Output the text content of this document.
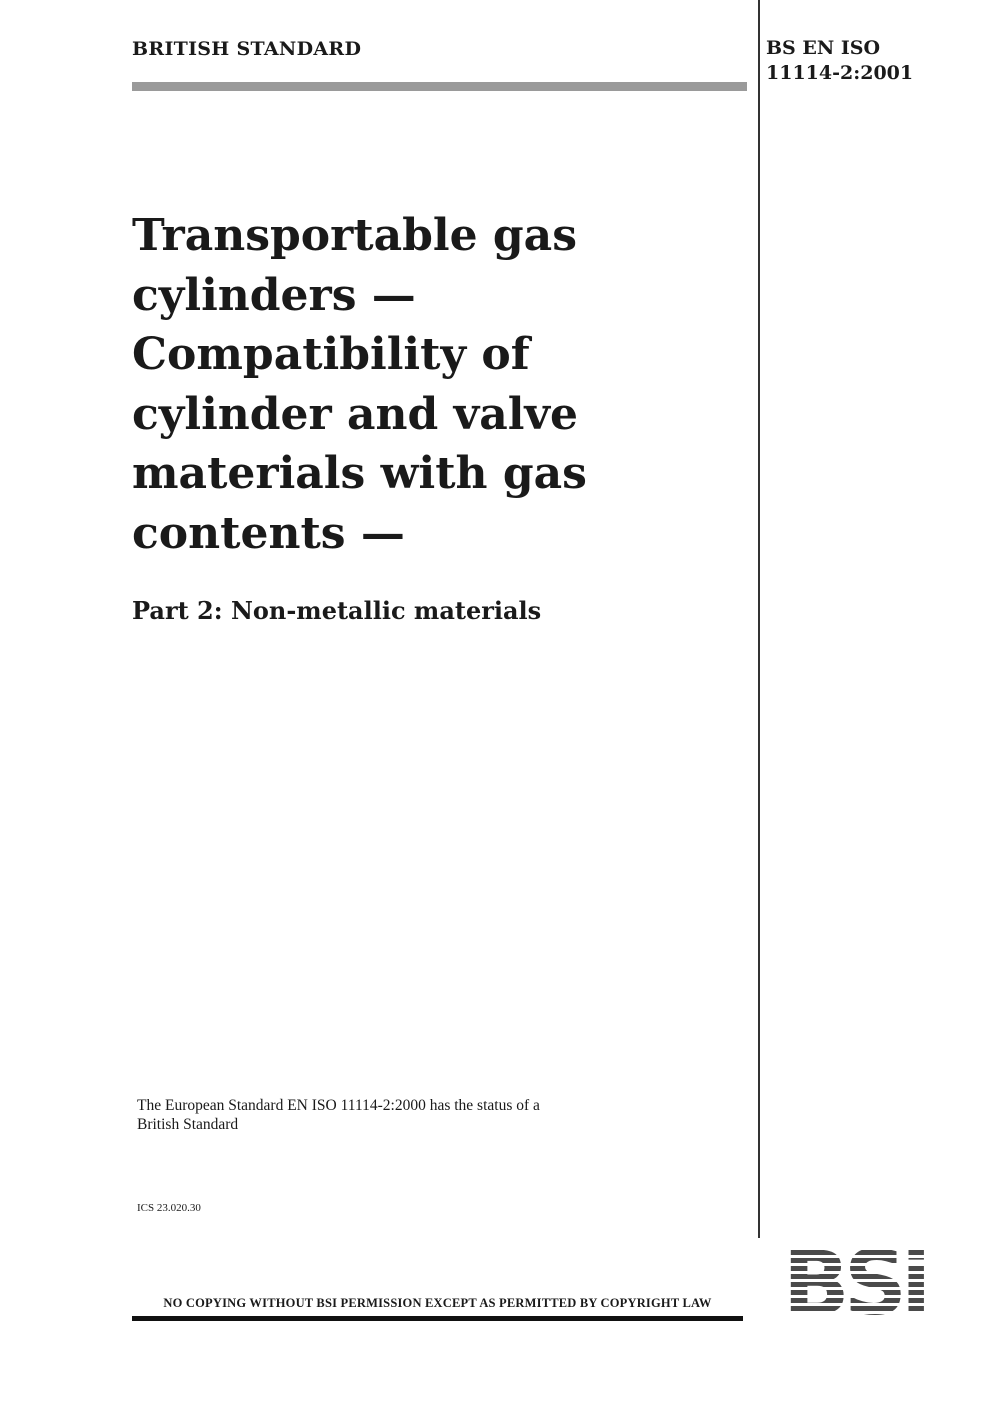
BRITISH STANDARD	BS EN ISO
11114-2:2001
Transportable gas
cylinders —
Compatibility of
cylinder and valve
materials with gas
contents —
Part 2: Non-metallic materials
The European Standard EN ISO 11114-2:2000 has the status of a
British Standard
ICS 23.020.30
NO COPYING WITHOUT BSI PERMISSION EXCEPT AS PERMITTED BY COPYRIGHT LAW BSi
